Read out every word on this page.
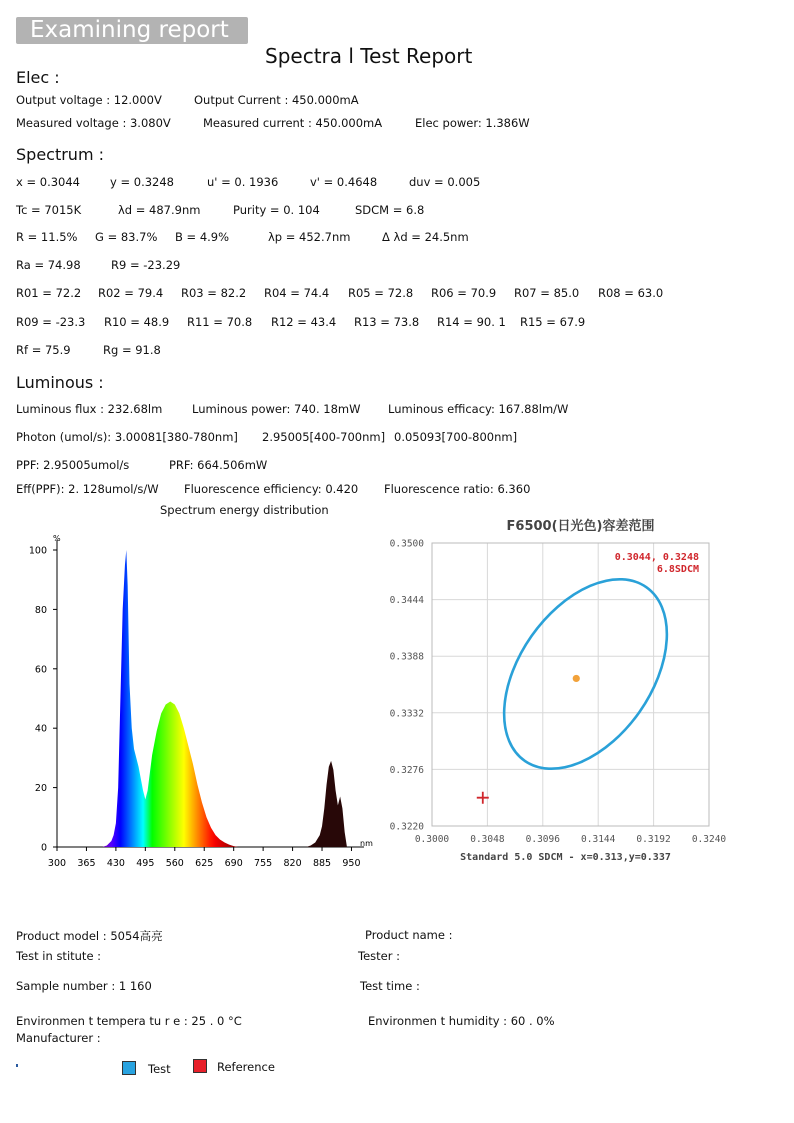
Examining report
Spectra l Test Report
Elec :
Output voltage : 12.000V	Output Current : 450.000mA
Measured voltage : 3.080V	Measured current : 450.000mA	Elec power: 1.386W
Spectrum :
x = 0.3044	y = 0.3248	u' = 0. 1936	v' = 0.4648	duv = 0.005
Tc = 7015K	λd = 487.9nm	Purity = 0. 104	SDCM = 6.8
R = 11.5% G = 83.7% B = 4.9%	λp = 452.7nm	Δ λd = 24.5nm
Ra = 74.98	R9 = -23.29
R01 = 72.2 R02 = 79.4 R03 = 82.2 R04 = 74.4 R05 = 72.8 R06 = 70.9 R07 = 85.0 R08 = 63.0
R09 = -23.3 R10 = 48.9 R11 = 70.8 R12 = 43.4 R13 = 73.8 R14 = 90. 1 R15 = 67.9
Rf = 75.9	Rg = 91.8
Luminous :
Luminous flux : 232.68lm	Luminous power: 740. 18mW Luminous efficacy: 167.88lm/W
Photon (umol/s): 3.00081[380-780nm] 2.95005[400-700nm] 0.05093[700-800nm]
PPF: 2.95005umol/s	PRF: 664.506mW
Eff(PPF): 2. 128umol/s/W Fluorescence efficiency: 0.420 Fluorescence ratio: 6.360
Spectrum energy distribution
0
20
40
60
80
100
300 365 430 495 560 625 690 755 820 885 950
%
nm
F6500(日光色)容差范围
0.3000 0.3048 0.3096 0.3144 0.3192 0.3240
0.3220
0.3276
0.3332
0.3388
0.3444
0.3500
0.3044, 0.3248
6.8SDCM
Standard 5.0 SDCM - x=0.313,y=0.337
Product model : 5054高亮	Product name :
Test in stitute :	Tester :
Sample number : 1 160	Test time :
Environmen t tempera tu r e : 25 . 0 °C	Environmen t humidity : 60 . 0%
Manufacturer :
Test	Reference
